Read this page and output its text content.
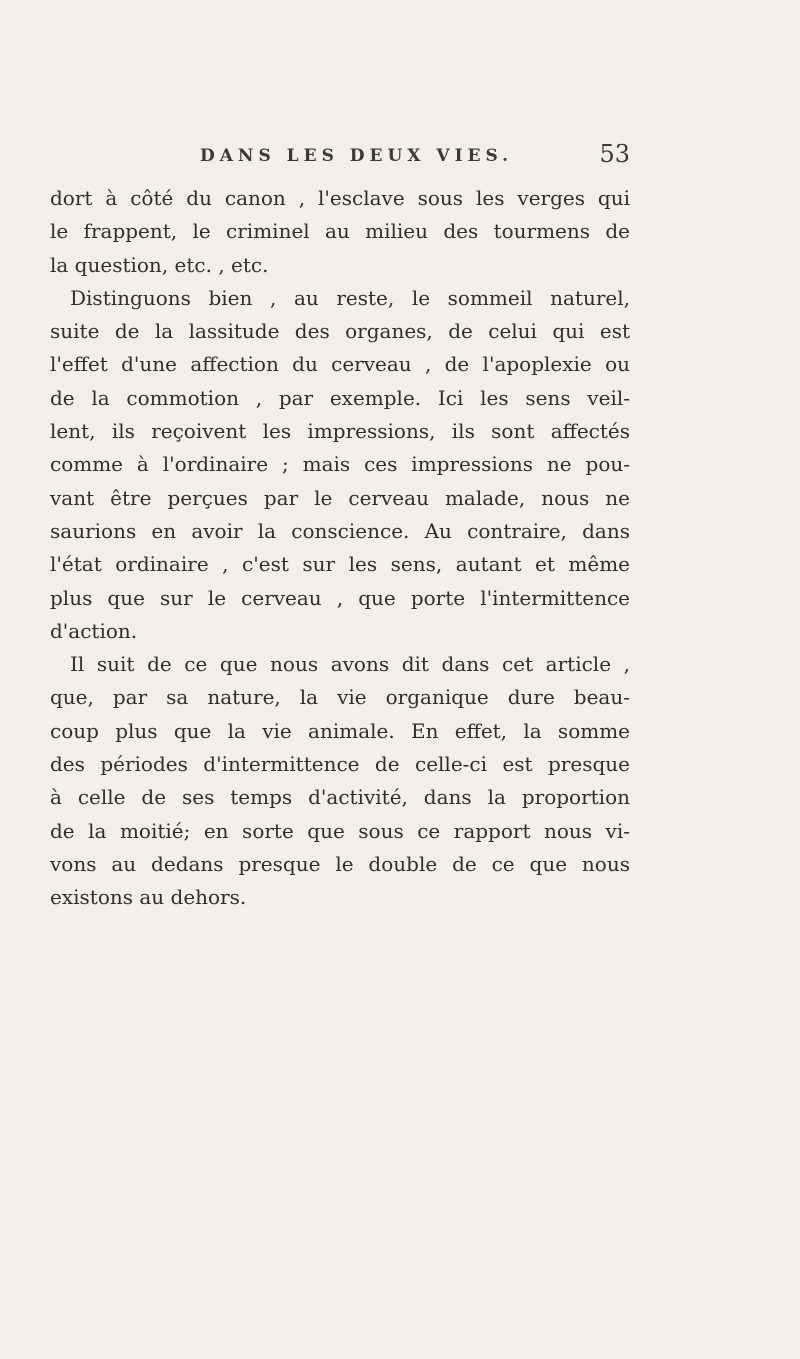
DANS LES DEUX VIES.	53
dort à côté du canon , l'esclave sous les verges qui
le frappent, le criminel au milieu des tourmens de
la question, etc. , etc.
Distinguons bien , au reste, le sommeil naturel,
suite de la lassitude des organes, de celui qui est
l'effet d'une affection du cerveau , de l'apoplexie ou
de la commotion , par exemple. Ici les sens veil-
lent, ils reçoivent les impressions, ils sont affectés
comme à l'ordinaire ; mais ces impressions ne pou-
vant être perçues par le cerveau malade, nous ne
saurions en avoir la conscience. Au contraire, dans
l'état ordinaire , c'est sur les sens, autant et même
plus que sur le cerveau , que porte l'intermittence
d'action.
Il suit de ce que nous avons dit dans cet article ,
que, par sa nature, la vie organique dure beau-
coup plus que la vie animale. En effet, la somme
des périodes d'intermittence de celle-ci est presque
à celle de ses temps d'activité, dans la proportion
de la moitié; en sorte que sous ce rapport nous vi-
vons au dedans presque le double de ce que nous
existons au dehors.
